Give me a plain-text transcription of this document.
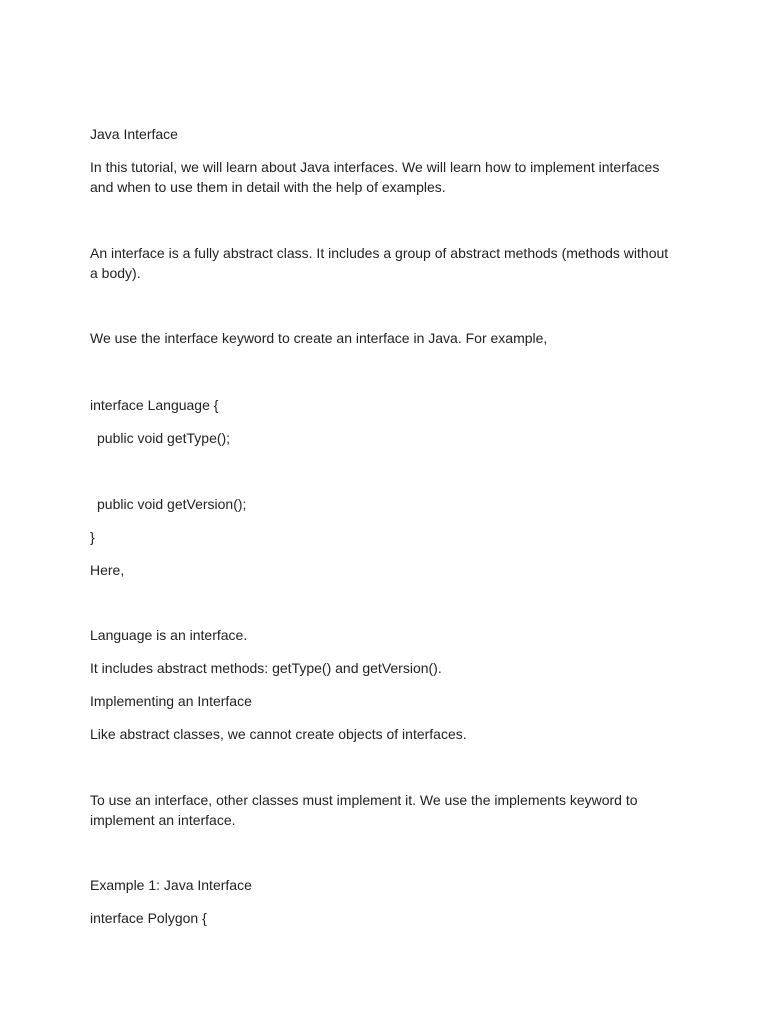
Java Interface
In this tutorial, we will learn about Java interfaces. We will learn how to implement interfaces
and when to use them in detail with the help of examples.
An interface is a fully abstract class. It includes a group of abstract methods (methods without
a body).
We use the interface keyword to create an interface in Java. For example,
interface Language {
public void getType();
public void getVersion();
}
Here,
Language is an interface.
It includes abstract methods: getType() and getVersion().
Implementing an Interface
Like abstract classes, we cannot create objects of interfaces.
To use an interface, other classes must implement it. We use the implements keyword to
implement an interface.
Example 1: Java Interface
interface Polygon {
